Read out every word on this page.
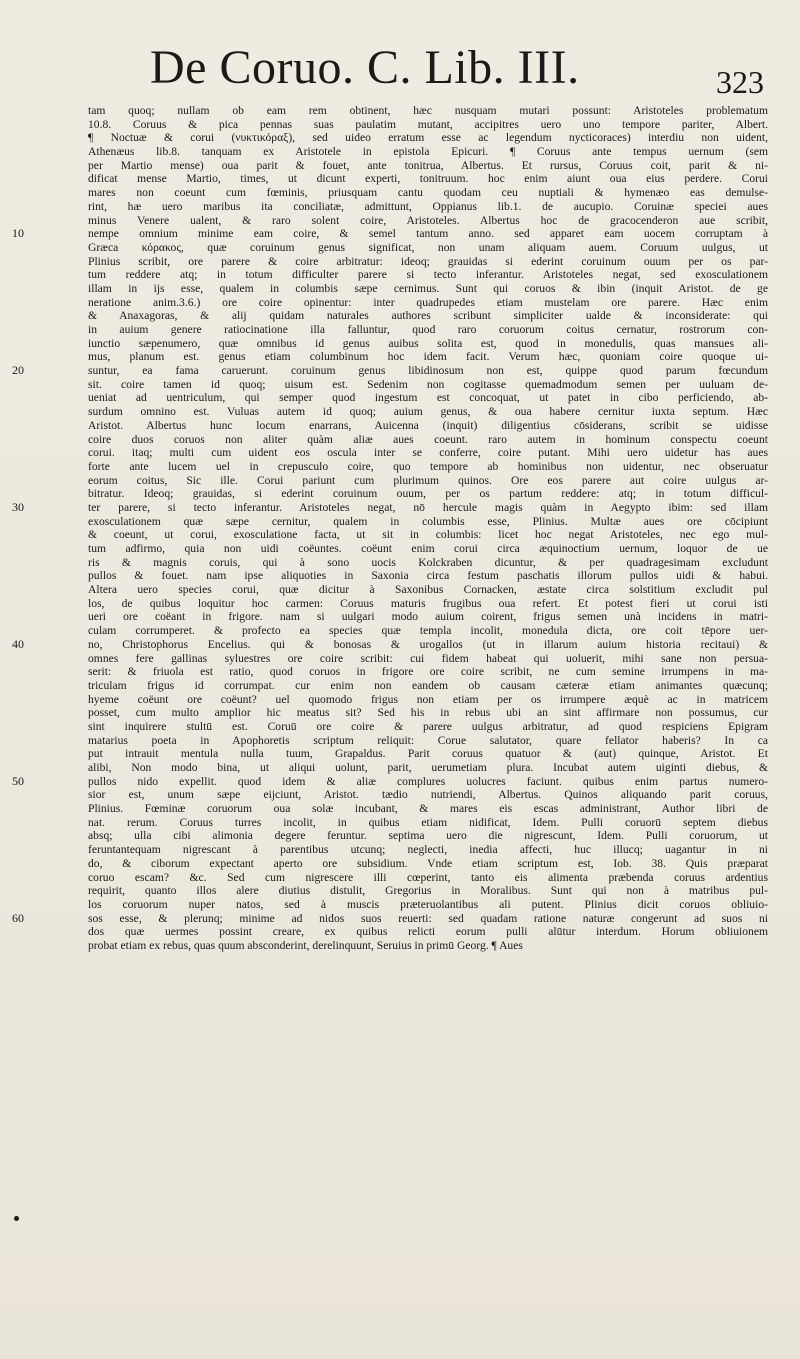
De Coruo. C. Lib. III.	323
10
20
30
40
50
60
tam quoq; nullam ob eam rem obtinent, hæc nusquam mutari possunt: Aristoteles problematum
10.8. Coruus & pica pennas suas paulatim mutant, accipitres uero uno tempore pariter, Albert.
¶ Noctuæ & corui (νυκτικόραξ), sed uideo erratum esse ac legendum nycticoraces) interdiu non uident,
Athenæus lib.8. tanquam ex Aristotele in epistola Epicuri. ¶ Coruus ante tempus uernum (sem
per Martio mense) oua parit & fouet, ante tonitrua, Albertus. Et rursus, Coruus coit, parit & ni-
dificat mense Martio, times, ut dicunt experti, tonitruum. hoc enim aiunt oua eius perdere. Corui
mares non coeunt cum fœminis, priusquam cantu quodam ceu nuptiali & hymenæo eas demulse-
rint, hæ uero maribus ita conciliatæ, admittunt, Oppianus lib.1. de aucupio. Coruinæ speciei aues
minus Venere ualent, & raro solent coire, Aristoteles. Albertus hoc de gracocenderon aue scribit,
nempe omnium minime eam coire, & semel tantum anno. sed apparet eam uocem corruptam à
Græca κόρακος, quæ coruinum genus significat, non unam aliquam auem. Coruum uulgus, ut
Plinius scribit, ore parere & coire arbitratur: ideoq; grauidas si ederint coruinum ouum per os par-
tum reddere atq; in totum difficulter parere si tecto inferantur. Aristoteles negat, sed exosculationem
illam in ijs esse, qualem in columbis sæpe cernimus. Sunt qui coruos & ibin (inquit Aristot. de ge
neratione anim.3.6.) ore coire opinentur: inter quadrupedes etiam mustelam ore parere. Hæc enim
& Anaxagoras, & alij quidam naturales authores scribunt simpliciter ualde & inconsiderate: qui
in auium genere ratiocinatione illa falluntur, quod raro coruorum coitus cernatur, rostrorum con-
iunctio sæpenumero, quæ omnibus id genus auibus solita est, quod in monedulis, quas mansues ali-
mus, planum est. genus etiam columbinum hoc idem facit. Verum hæc, quoniam coire quoque ui-
suntur, ea fama caruerunt. coruinum genus libidinosum non est, quippe quod parum fœcundum
sit. coire tamen id quoq; uisum est. Sedenim non cogitasse quemadmodum semen per uuluam de-
ueniat ad uentriculum, qui semper quod ingestum est concoquat, ut patet in cibo perficiendo, ab-
surdum omnino est. Vuluas autem id quoq; auium genus, & oua habere cernitur iuxta septum. Hæc
Aristot. Albertus hunc locum enarrans, Auicenna (inquit) diligentius cōsiderans, scribit se uidisse
coire duos coruos non aliter quàm aliæ aues coeunt. raro autem in hominum conspectu coeunt
corui. itaq; multi cum uident eos oscula inter se conferre, coire putant. Mihi uero uidetur has aues
forte ante lucem uel in crepusculo coire, quo tempore ab hominibus non uidentur, nec obseruatur
eorum coitus, Sic ille. Corui pariunt cum plurimum quinos. Ore eos parere aut coire uulgus ar-
bitratur. Ideoq; grauidas, si ederint coruinum ouum, per os partum reddere: atq; in totum difficul-
ter parere, si tecto inferantur. Aristoteles negat, nō hercule magis quàm in Aegypto ibim: sed illam
exosculationem quæ sæpe cernitur, qualem in columbis esse, Plinius. Multæ aues ore cōcipiunt
& coeunt, ut corui, exosculatione facta, ut sit in columbis: licet hoc negat Aristoteles, nec ego mul-
tum adfirmo, quia non uidi coëuntes. coëunt enim corui circa æquinoctium uernum, loquor de ue
ris & magnis coruis, qui à sono uocis Kolckraben dicuntur, & per quadragesimam excludunt
pullos & fouet. nam ipse aliquoties in Saxonia circa festum paschatis illorum pullos uidi & habui.
Altera uero species corui, quæ dicitur à Saxonibus Cornacken, æstate circa solstitium excludit pul
los, de quibus loquitur hoc carmen: Coruus maturis frugibus oua refert. Et potest fieri ut corui isti
ueri ore coëant in frigore. nam si uulgari modo auium coirent, frigus semen unà incidens in matri-
culam corrumperet. & profecto ea species quæ templa incolit, monedula dicta, ore coit tēpore uer-
no, Christophorus Encelius. qui & bonosas & urogallos (ut in illarum auium historia recitaui) &
omnes fere gallinas syluestres ore coire scribit: cui fidem habeat qui uoluerit, mihi sane non persua-
serit: & friuola est ratio, quod coruos in frigore ore coire scribit, ne cum semine irrumpens in ma-
triculam frigus id corrumpat. cur enim non eandem ob causam cæteræ etiam animantes quæcunq;
hyeme coëunt ore coëunt? uel quomodo frigus non etiam per os irrumpere æquè ac in matricem
posset, cum multo amplior hic meatus sit? Sed his in rebus ubi an sint affirmare non possumus, cur
sint inquirere stultū est. Coruū ore coire & parere uulgus arbitratur, ad quod respiciens Epigram
matarius poeta in Apophoretis scriptum reliquit: Corue salutator, quare fellator haberis? In ca
put intrauit mentula nulla tuum, Grapaldus. Parit coruus quatuor & (aut) quinque, Aristot. Et
alibi, Non modo bina, ut aliqui uolunt, parit, uerumetiam plura. Incubat autem uiginti diebus, &
pullos nido expellit. quod idem & aliæ complures uolucres faciunt. quibus enim partus numero-
sior est, unum sæpe eijciunt, Aristot. tædio nutriendi, Albertus. Quinos aliquando parit coruus,
Plinius. Fœminæ coruorum oua solæ incubant, & mares eis escas administrant, Author libri de
nat. rerum. Coruus turres incolit, in quibus etiam nidificat, Idem. Pulli coruorū septem diebus
absq; ulla cibi alimonia degere feruntur. septima uero die nigrescunt, Idem. Pulli coruorum, ut
feruntantequam nigrescant à parentibus utcunq; neglecti, inedia affecti, huc illucq; uagantur in ni
do, & ciborum expectant aperto ore subsidium. Vnde etiam scriptum est, Iob. 38. Quis præparat
coruo escam? &c. Sed cum nigrescere illi cœperint, tanto eis alimenta præbenda coruus ardentius
requirit, quanto illos alere diutius distulit, Gregorius in Moralibus. Sunt qui non à matribus pul-
los coruorum nuper natos, sed à muscis præteruolantibus ali putent. Plinius dicit coruos obliuio-
sos esse, & plerunq; minime ad nidos suos reuerti: sed quadam ratione naturæ congerunt ad suos ni
dos quæ uermes possint creare, ex quibus relicti eorum pulli alūtur interdum. Horum obliuionem
probat etiam ex rebus, quas quum absconderint, derelinquunt, Seruius in primū Georg. ¶ Aues
